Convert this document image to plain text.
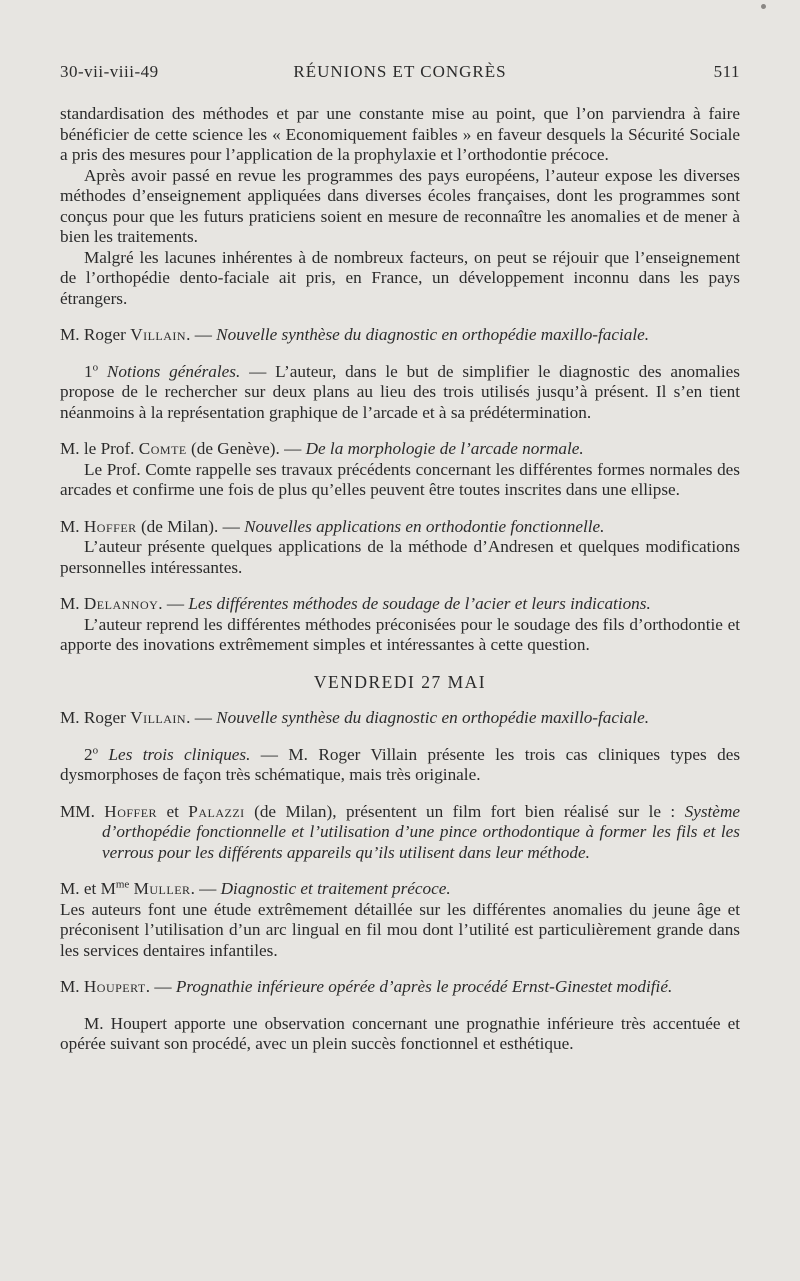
30-vii-viii-49	RÉUNIONS ET CONGRÈS	511

standardisation des méthodes et par une constante mise au point, que l’on parviendra à faire bénéficier de cette science les « Economiquement faibles » en faveur desquels la Sécurité Sociale a pris des mesures pour l’application de la prophylaxie et l’orthodontie précoce.

Après avoir passé en revue les programmes des pays européens, l’auteur expose les diverses méthodes d’enseignement appliquées dans diverses écoles françaises, dont les programmes sont conçus pour que les futurs praticiens soient en mesure de reconnaître les anomalies et de mener à bien les traitements.

Malgré les lacunes inhérentes à de nombreux facteurs, on peut se réjouir que l’enseignement de l’orthopédie dento-faciale ait pris, en France, un développement inconnu dans les pays étrangers.

M. Roger Villain. — Nouvelle synthèse du diagnostic en orthopédie maxillo-faciale.

1$^o$ Notions générales. — L’auteur, dans le but de simplifier le diagnostic des anomalies propose de le rechercher sur deux plans au lieu des trois utilisés jusqu’à présent. Il s’en tient néanmoins à la représentation graphique de l’arcade et à sa prédétermination.

M. le Prof. Comte (de Genève). — De la morphologie de l’arcade normale.

Le Prof. Comte rappelle ses travaux précédents concernant les différentes formes normales des arcades et confirme une fois de plus qu’elles peuvent être toutes inscrites dans une ellipse.

M. Hoffer (de Milan). — Nouvelles applications en orthodontie fonctionnelle.

L’auteur présente quelques applications de la méthode d’Andresen et quelques modifications personnelles intéressantes.

M. Delannoy. — Les différentes méthodes de soudage de l’acier et leurs indications.

L’auteur reprend les différentes méthodes préconisées pour le soudage des fils d’orthodontie et apporte des inovations extrêmement simples et intéressantes à cette question.

VENDREDI 27 MAI

M. Roger Villain. — Nouvelle synthèse du diagnostic en orthopédie maxillo-faciale.

2$^o$ Les trois cliniques. — M. Roger Villain présente les trois cas cliniques types des dysmorphoses de façon très schématique, mais très originale.

MM. Hoffer et Palazzi (de Milan), présentent un film fort bien réalisé sur le : Système d’orthopédie fonctionnelle et l’utilisation d’une pince orthodontique à former les fils et les verrous pour les différents appareils qu’ils utilisent dans leur méthode.

M. et $M^{me}$ Muller. — Diagnostic et traitement précoce.

Les auteurs font une étude extrêmement détaillée sur les différentes anomalies du jeune âge et préconisent l’utilisation d’un arc lingual en fil mou dont l’utilité est particulièrement grande dans les services dentaires infantiles.

M. Houpert. — Prognathie inférieure opérée d’après le procédé Ernst-Ginestet modifié.

M. Houpert apporte une observation concernant une prognathie inférieure très accentuée et opérée suivant son procédé, avec un plein succès fonctionnel et esthétique.
